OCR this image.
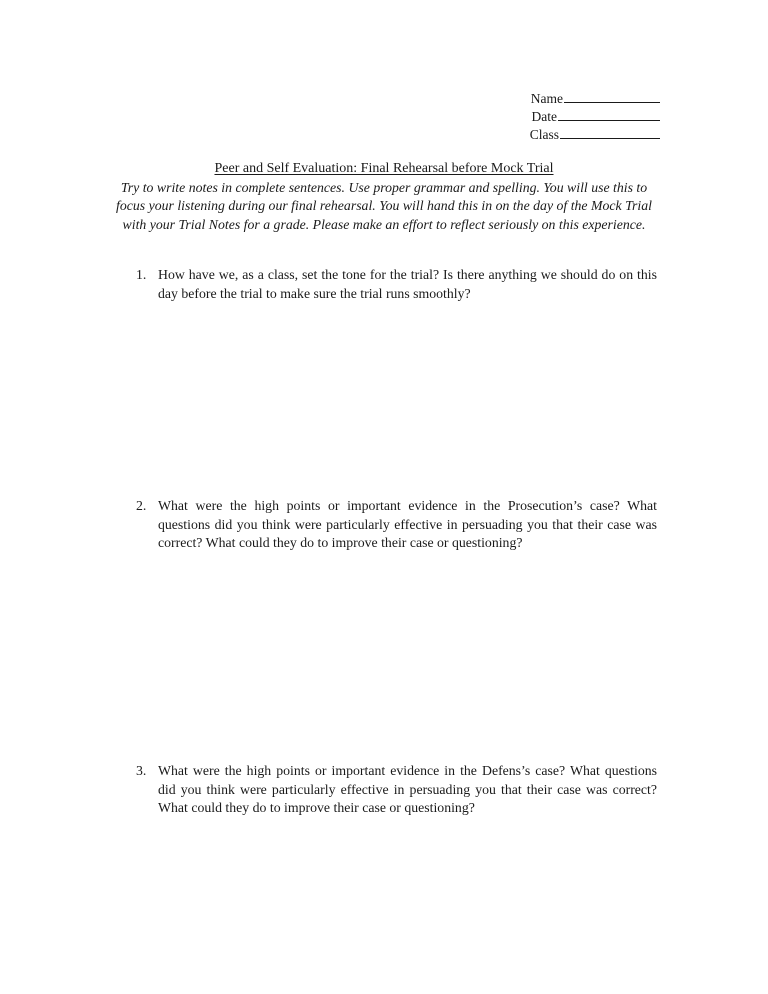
Name
Date
Class
Peer and Self Evaluation: Final Rehearsal before Mock Trial
Try to write notes in complete sentences. Use proper grammar and spelling. You will use this to focus your listening during our final rehearsal. You will hand this in on the day of the Mock Trial with your Trial Notes for a grade. Please make an effort to reflect seriously on this experience.
1. How have we, as a class, set the tone for the trial? Is there anything we should do on this day before the trial to make sure the trial runs smoothly?
2. What were the high points or important evidence in the Prosecution’s case? What questions did you think were particularly effective in persuading you that their case was correct? What could they do to improve their case or questioning?
3. What were the high points or important evidence in the Defens’s case? What questions did you think were particularly effective in persuading you that their case was correct? What could they do to improve their case or questioning?
